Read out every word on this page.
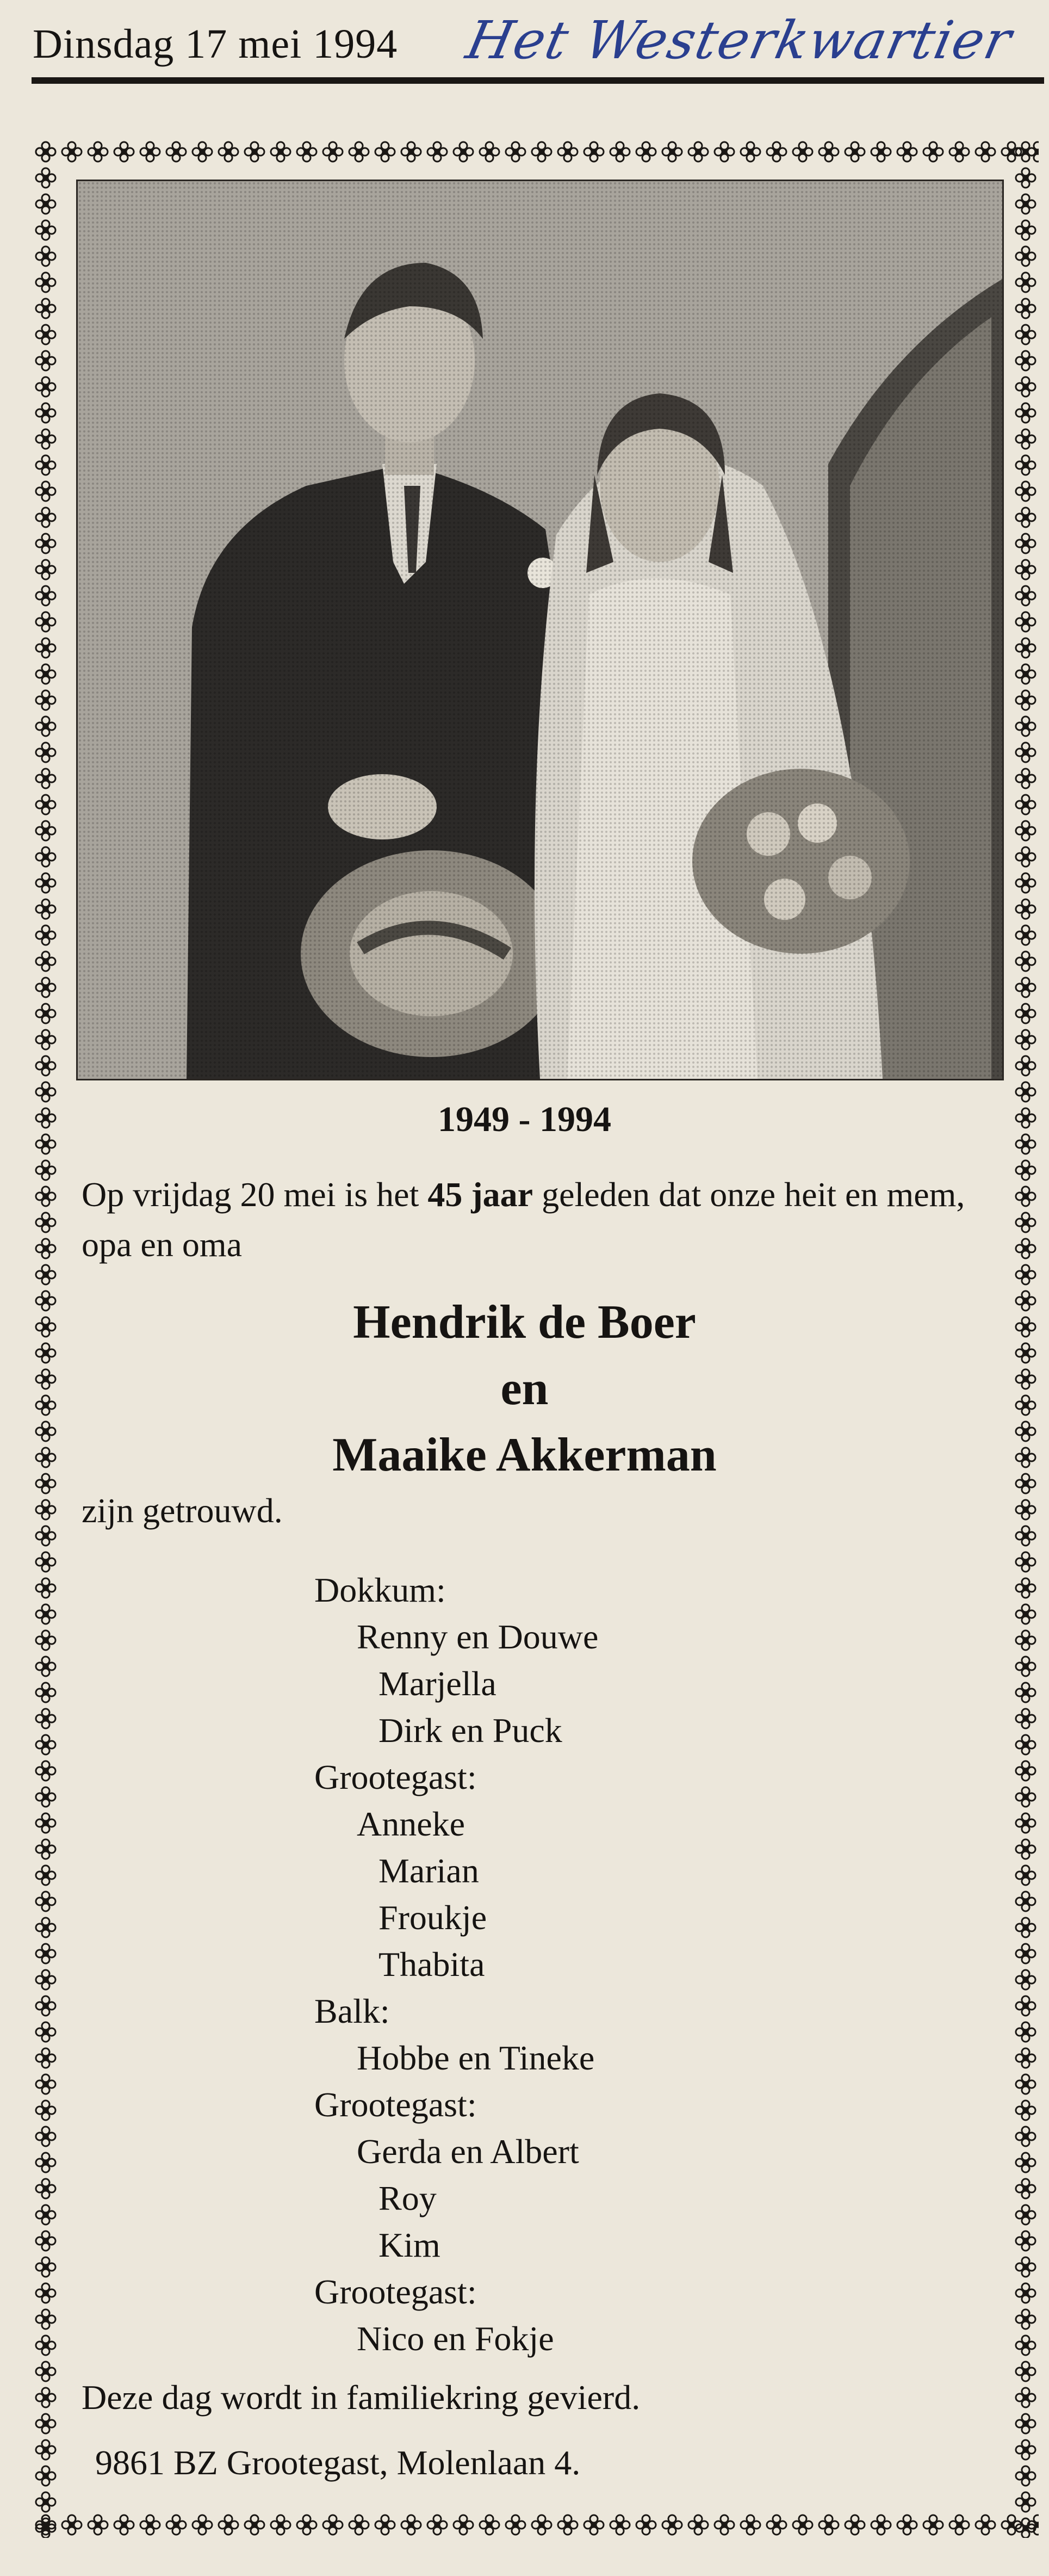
Dinsdag 17 mei 1994 Het Westerkwartier
1949 - 1994
Op vrijdag 20 mei is het 45 jaar geleden dat onze heit en mem, opa en oma
Hendrik de Boer
en
Maaike Akkerman
zijn getrouwd.
Dokkum:
Renny en Douwe
Marjella
Dirk en Puck
Grootegast:
Anneke
Marian
Froukje
Thabita
Balk:
Hobbe en Tineke
Grootegast:
Gerda en Albert
Roy
Kim
Grootegast:
Nico en Fokje
Deze dag wordt in familiekring gevierd.
9861 BZ Grootegast, Molenlaan 4.
